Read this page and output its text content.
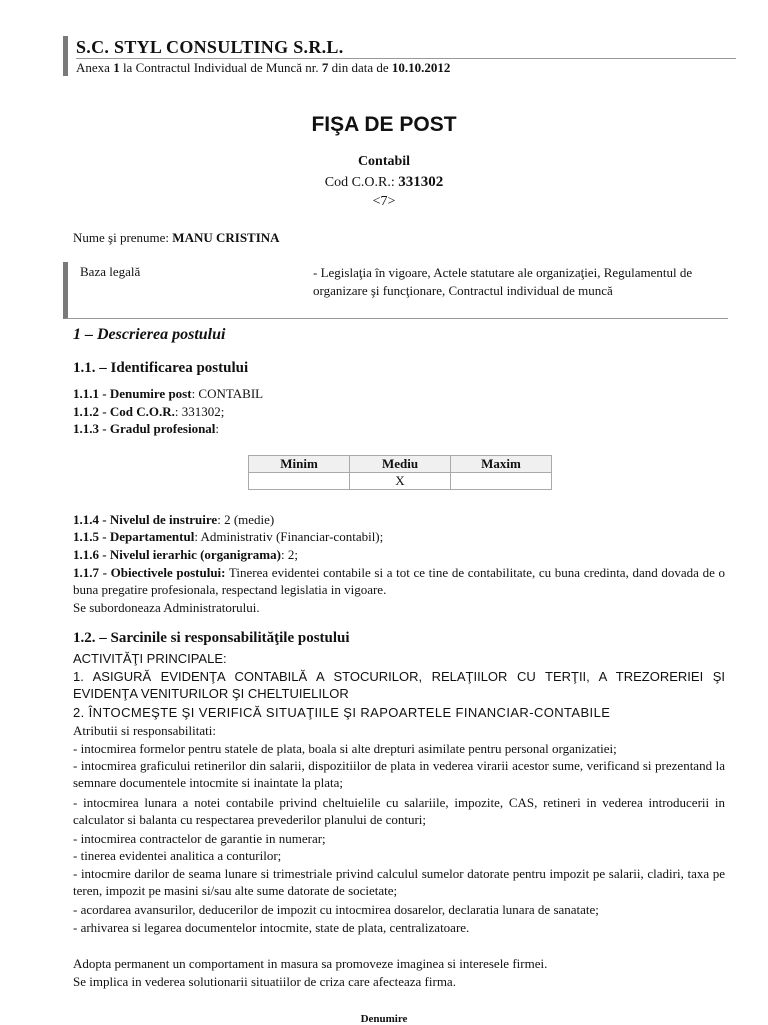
S.C. STYL CONSULTING S.R.L.
Anexa 1 la Contractul Individual de Muncă nr. 7 din data de 10.10.2012
FIŞA DE POST
Contabil
Cod C.O.R.: 331302
<7>
Nume şi prenume: MANU CRISTINA
Baza legală	- Legislaţia în vigoare, Actele statutare ale organizaţiei, Regulamentul de organizare şi funcţionare, Contractul individual de muncă
1 – Descrierea postului
1.1. – Identificarea postului
1.1.1 - Denumire post: CONTABIL
1.1.2 - Cod C.O.R.: 331302;
1.1.3 - Gradul profesional:
Minim	Mediu	Maxim
	X	
1.1.4 - Nivelul de instruire: 2 (medie)
1.1.5 - Departamentul: Administrativ (Financiar-contabil);
1.1.6 - Nivelul ierarhic (organigrama): 2;
1.1.7 - Obiectivele postului: Tinerea evidentei contabile si a tot ce tine de contabilitate, cu buna credinta, dand dovada de o buna pregatire profesionala, respectand legislatia in vigoare.
Se subordoneaza Administratorului.
1.2. – Sarcinile si responsabilităţile postului
ACTIVITĂŢI PRINCIPALE:
1. ASIGURĂ EVIDENŢA CONTABILĂ A STOCURILOR, RELAŢIILOR CU TERŢII, A TREZORERIEI ŞI EVIDENŢA VENITURILOR ŞI CHELTUIELILOR
2. ÎNTOCMEŞTE ŞI VERIFICĂ SITUAŢIILE ŞI RAPOARTELE FINANCIAR-CONTABILE
Atributii si responsabilitati:
- intocmirea formelor pentru statele de plata, boala si alte drepturi asimilate pentru personal organizatiei;
- intocmirea graficului retinerilor din salarii, dispozitiilor de plata in vederea virarii acestor sume, verificand si prezentand la semnare documentele intocmite si inaintate la plata;
- intocmirea lunara a notei contabile privind cheltuielile cu salariile, impozite, CAS, retineri in vederea introducerii in calculator si balanta cu respectarea prevederilor planului de conturi;
- intocmirea contractelor de garantie in numerar;
- tinerea evidentei analitica a conturilor;
- intocmire darilor de seama lunare si trimestriale privind calculul sumelor datorate pentru impozit pe salarii, cladiri, taxa pe teren, impozit pe masini si/sau alte sume datorate de societate;
- acordarea avansurilor, deducerilor de impozit cu intocmirea dosarelor, declaratia lunara de sanatate;
- arhivarea si legarea documentelor intocmite, state de plata, centralizatoare.
Adopta permanent un comportament in masura sa promoveze imaginea si interesele firmei.
Se implica in vederea solutionarii situatiilor de criza care afecteaza firma.
Denumire
